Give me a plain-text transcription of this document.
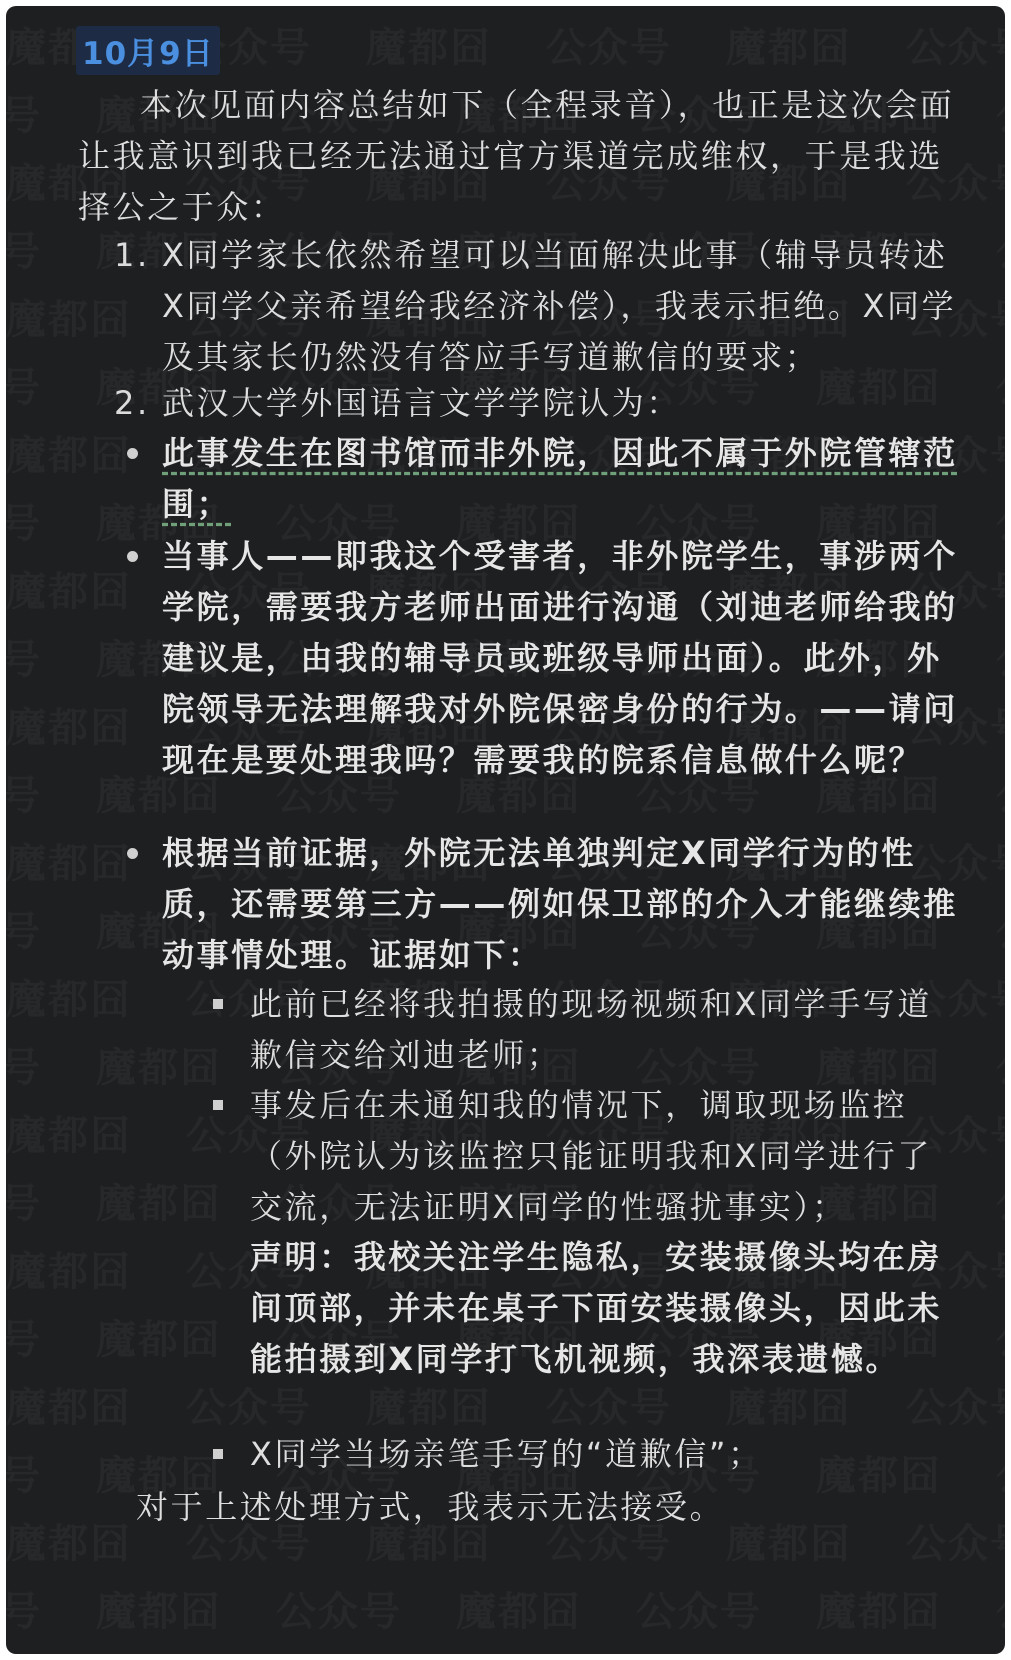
10月9日
本次见面内容总结如下（全程录音），也正是这次会面让我意识到我已经无法通过官方渠道完成维权，于是我选择公之于众：
1. X同学家长依然希望可以当面解决此事（辅导员转述X同学父亲希望给我经济补偿），我表示拒绝。X同学及其家长仍然没有答应手写道歉信的要求；
2. 武汉大学外国语言文学学院认为：
此事发生在图书馆而非外院，因此不属于外院管辖范围；
当事人——即我这个受害者，非外院学生，事涉两个学院，需要我方老师出面进行沟通（刘迪老师给我的建议是，由我的辅导员或班级导师出面）。此外，外院领导无法理解我对外院保密身份的行为。——请问现在是要处理我吗？需要我的院系信息做什么呢？
根据当前证据，外院无法单独判定X同学行为的性质，还需要第三方——例如保卫部的介入才能继续推动事情处理。证据如下：
此前已经将我拍摄的现场视频和X同学手写道歉信交给刘迪老师；
事发后在未通知我的情况下，调取现场监控（外院认为该监控只能证明我和X同学进行了交流，无法证明X同学的性骚扰事实）；
声明：我校关注学生隐私，安装摄像头均在房间顶部，并未在桌子下面安装摄像头，因此未能拍摄到X同学打飞机视频，我深表遗憾。
X同学当场亲笔手写的“道歉信”；
对于上述处理方式，我表示无法接受。
